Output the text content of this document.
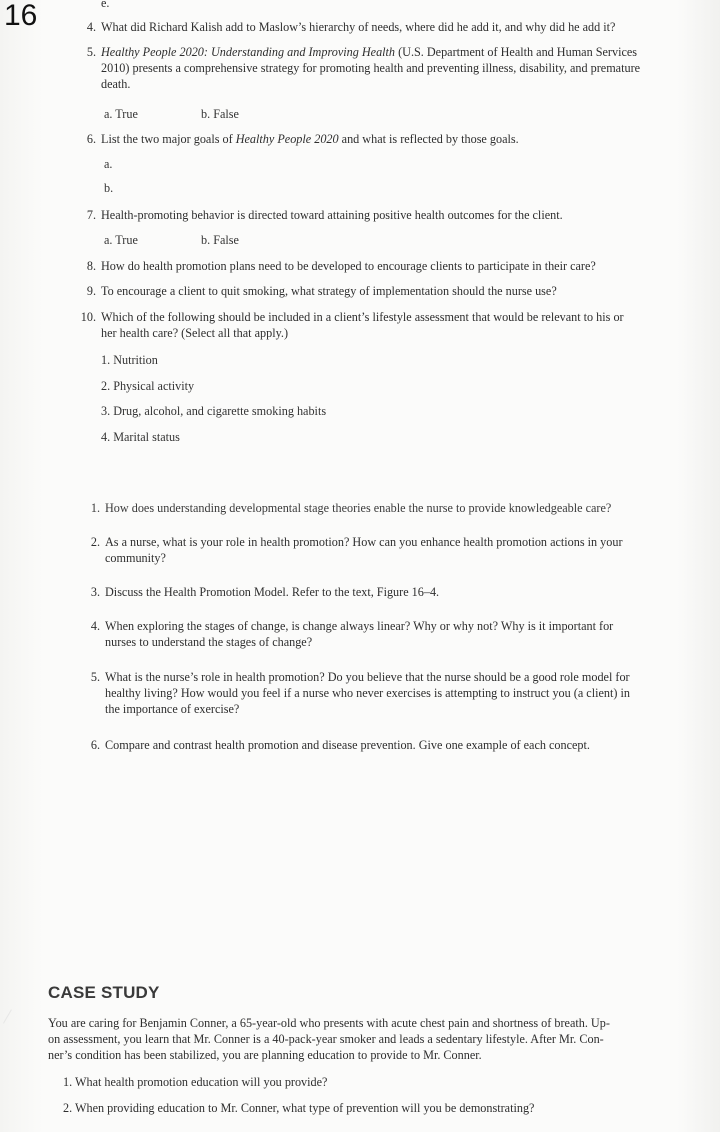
16	e.
4. What did Richard Kalish add to Maslow’s hierarchy of needs, where did he add it, and why did he add it?
5. Healthy People 2020: Understanding and Improving Health (U.S. Department of Health and Human Services
2010) presents a comprehensive strategy for promoting health and preventing illness, disability, and premature
death.
a. True	b. False
6. List the two major goals of Healthy People 2020 and what is reflected by those goals.
a.
b.
7. Health-promoting behavior is directed toward attaining positive health outcomes for the client.
a. True	b. False
8. How do health promotion plans need to be developed to encourage clients to participate in their care?
9. To encourage a client to quit smoking, what strategy of implementation should the nurse use?
10. Which of the following should be included in a client’s lifestyle assessment that would be relevant to his or
her health care? (Select all that apply.)
1. Nutrition
2. Physical activity
3. Drug, alcohol, and cigarette smoking habits
4. Marital status
1. How does understanding developmental stage theories enable the nurse to provide knowledgeable care?
2. As a nurse, what is your role in health promotion? How can you enhance health promotion actions in your
community?
3. Discuss the Health Promotion Model. Refer to the text, Figure 16–4.
4. When exploring the stages of change, is change always linear? Why or why not? Why is it important for
nurses to understand the stages of change?
5. What is the nurse’s role in health promotion? Do you believe that the nurse should be a good role model for
healthy living? How would you feel if a nurse who never exercises is attempting to instruct you (a client) in
the importance of exercise?
6. Compare and contrast health promotion and disease prevention. Give one example of each concept.
CASE STUDY
You are caring for Benjamin Conner, a 65-year-old who presents with acute chest pain and shortness of breath. Up-
on assessment, you learn that Mr. Conner is a 40-pack-year smoker and leads a sedentary lifestyle. After Mr. Con-
ner’s condition has been stabilized, you are planning education to provide to Mr. Conner.
1. What health promotion education will you provide?
2. When providing education to Mr. Conner, what type of prevention will you be demonstrating?
